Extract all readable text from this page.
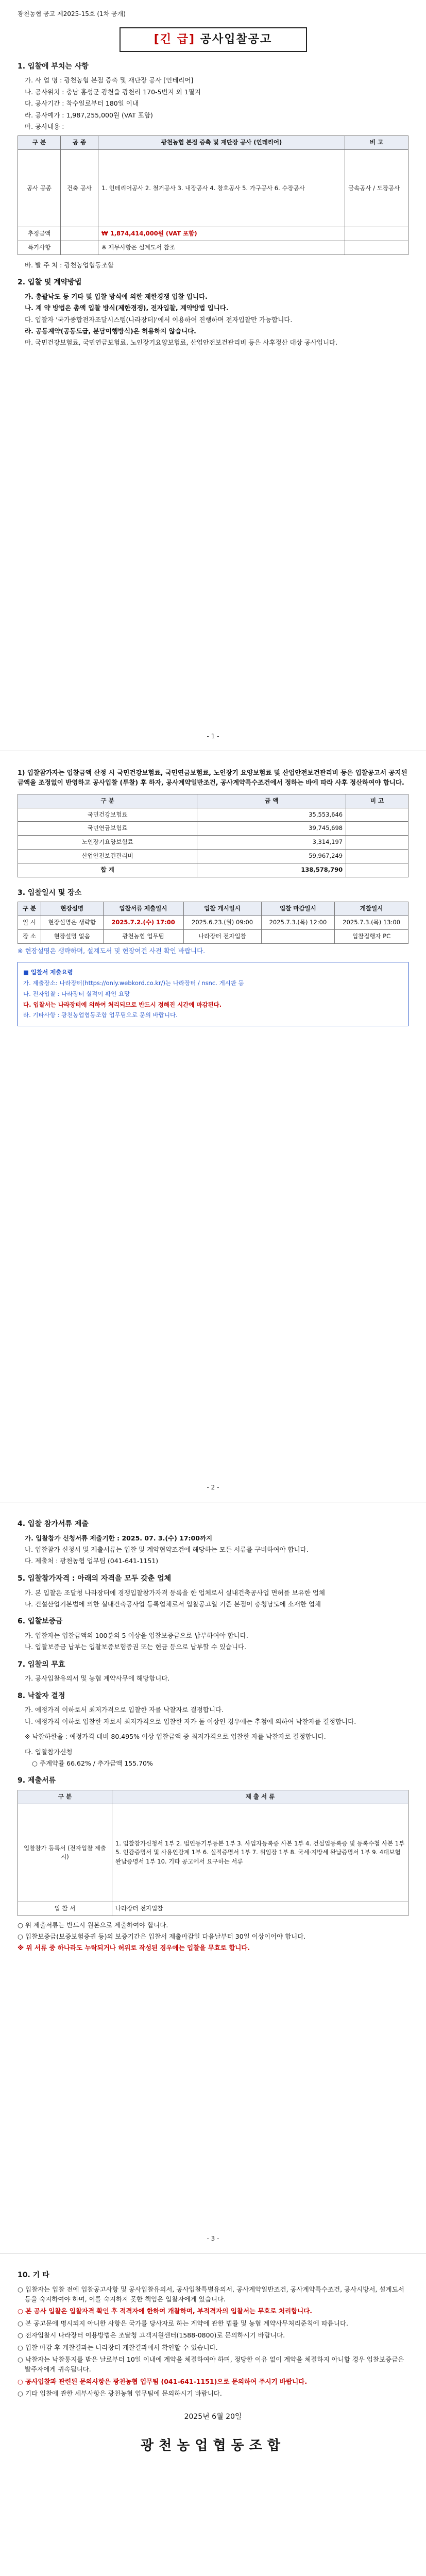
광천농협 공고 제2025-15호 (1차 공개)

[긴 급] 공사입찰공고
1. 입찰에 부치는 사항

가. 사 업 명 : 광천농협 본점 증축 및 재단장 공사 [인테리어]

나. 공사위치 : 충남 홍성군 광천읍 광천리 170-5번지 외 1필지

다. 공사기간 : 착수일로부터 180일 이내

라. 공사예가 : 1,987,255,000원 (VAT 포함)

마. 공사내용 :

구 분	공 종	광천농협 본점 증축 및 재단장 공사 (인테리어)	비 고
공사 공종	건축 공사	1. 인테리어공사 2. 철거공사 3. 내장공사 4. 창호공사 5. 가구공사 6. 수장공사	금속공사 / 도장공사
추정금액		₩ 1,874,414,000원 (VAT 포함)	
특기사항		※ 재무사항은 설계도서 참조	

바. 발 주 처 : 광천농업협동조합

2. 입찰 및 계약방법

가. 총괄낙도 등 기타 및 입찰 방식에 의한 제한경쟁 입찰 입니다.

나. 계 약 방법은 총액 입찰 방식(제한경쟁), 전자입찰, 계약방법 입니다.

다. 입찰자 '국가종합전자조달시스템(나라장터)'에서 이용하여 진행하며 전자입찰만 가능합니다.

라. 공동계약(공동도급, 분담이행방식)은 허용하지 않습니다.

마. 국민건강보험료, 국민연금보험료, 노인장기요양보험료, 산업안전보건관리비 등은 사후정산 대상 공사입니다.

- 1 -

1) 입찰참가자는 입찰금액 산정 시 국민건강보험료, 국민연금보험료, 노인장기 요양보험료 및 산업안전보건관리비 등은 입찰공고서 공지된 금액을 조정없이 반영하고 공사입찰 (투찰) 후 하자, 공사계약일반조건, 공사계약특수조건에서 정하는 바에 따라 사후 정산하여야 합니다.

구 분	금 액	비 고
국민건강보험료	35,553,646	
국민연금보험료	39,745,698	
노인장기요양보험료	3,314,197	
산업안전보건관리비	59,967,249	
합 계	138,578,790	
3. 입찰일시 및 장소
구 분	현장설명	입찰서류 제출일시	입찰 개시일시	입찰 마감일시	개찰일시
일 시	현장설명은 생략함	2025.7.2.(수) 17:00	2025.6.23.(월) 09:00	2025.7.3.(목) 12:00	2025.7.3.(목) 13:00
장 소	현장설명 없음	광천농협 업무팀	나라장터 전자입찰		입찰집행자 PC

※ 현장설명은 생략하며, 설계도서 및 현장여건 사전 확인 바랍니다.

■ 입찰서 제출요령

가. 제출장소: 나라장터(https://only.webkord.co.kr/)는 나라장터 / nsnc. 게시판 등

나. 전자입찰 : 나라장터 실적이 확인 요망

다. 입찰서는 나라장터에 의하여 처리되므로 반드시 정해진 시간에 마감된다.

라. 기타사항 : 광천농업협동조합 업무팀으로 문의 바랍니다.

- 2 -
4. 입찰 참가서류 제출

가. 입찰참가 신청서류 제출기한 : 2025. 07. 3.(수) 17:00까지

나. 입찰참가 신청서 및 제출서류는 입찰 및 계약협약조건에 해당하는 모든 서류를 구비하여야 합니다.

다. 제출처 : 광천농협 업무팀 (041-641-1151)

5. 입찰참가자격 : 아래의 자격을 모두 갖춘 업체

가. 본 입찰은 조달청 나라장터에 경쟁입찰참가자격 등록을 한 업체로서 실내건축공사업 면허를 보유한 업체

나. 건설산업기본법에 의한 실내건축공사업 등록업체로서 입찰공고일 기준 본점이 충청남도에 소재한 업체

6. 입찰보증금

가. 입찰자는 입찰금액의 100분의 5 이상을 입찰보증금으로 납부하여야 합니다.

나. 입찰보증금 납부는 입찰보증보험증권 또는 현금 등으로 납부할 수 있습니다.

7. 입찰의 무효

가. 공사입찰유의서 및 농협 계약사무에 해당합니다.

8. 낙찰자 결정

가. 예정가격 이하로서 최저가격으로 입찰한 자를 낙찰자로 결정합니다.

나. 예정가격 이하로 입찰한 자로서 최저가격으로 입찰한 자가 둘 이상인 경우에는 추첨에 의하여 낙찰자를 결정합니다.

※ 낙찰하한율 : 예정가격 대비 80.495% 이상 입찰금액 중 최저가격으로 입찰한 자를 낙찰자로 결정합니다.

다. 입찰참가신청

○ 주계약률 66.62% / 추가금액 155.70%

9. 제출서류
구 분	제 출 서 류
입찰참가 등록서 (전자입찰 제출 시)	1. 입찰참가신청서 1부 2. 법인등기부등본 1부 3. 사업자등록증 사본 1부 4. 건설업등록증 및 등록수첩 사본 1부 5. 인감증명서 및 사용인감계 1부 6. 실적증명서 1부 7. 위임장 1부 8. 국세·지방세 완납증명서 1부 9. 4대보험 완납증명서 1부 10. 기타 공고에서 요구하는 서류
입 찰 서	나라장터 전자입찰

○ 위 제출서류는 반드시 원본으로 제출하여야 합니다.

○ 입찰보증금(보증보험증권 등)의 보증기간은 입찰서 제출마감일 다음날부터 30일 이상이어야 합니다.

※ 위 서류 중 하나라도 누락되거나 허위로 작성된 경우에는 입찰을 무효로 합니다.

- 3 -
10. 기 타
○ 입찰자는 입찰 전에 입찰공고사항 및 공사입찰유의서, 공사입찰특별유의서, 공사계약일반조건, 공사계약특수조건, 공사시방서, 설계도서 등을 숙지하여야 하며, 이를 숙지하지 못한 책임은 입찰자에게 있습니다.
○ 본 공사 입찰은 입찰자격 확인 후 적격자에 한하여 개찰하며, 부적격자의 입찰서는 무효로 처리합니다.
○ 본 공고문에 명시되지 아니한 사항은 국가를 당사자로 하는 계약에 관한 법률 및 농협 계약사무처리준칙에 따릅니다.
○ 전자입찰시 나라장터 이용방법은 조달청 고객지원센터(1588-0800)로 문의하시기 바랍니다.
○ 입찰 마감 후 개찰결과는 나라장터 개찰결과에서 확인할 수 있습니다.
○ 낙찰자는 낙찰통지를 받은 날로부터 10일 이내에 계약을 체결하여야 하며, 정당한 이유 없이 계약을 체결하지 아니할 경우 입찰보증금은 발주자에게 귀속됩니다.
○ 공사입찰과 관련된 문의사항은 광천농협 업무팀 (041-641-1151)으로 문의하여 주시기 바랍니다.
○ 기타 입찰에 관한 세부사항은 광천농협 업무팀에 문의하시기 바랍니다.
2025년 6월 20일
광천농업협동조합
